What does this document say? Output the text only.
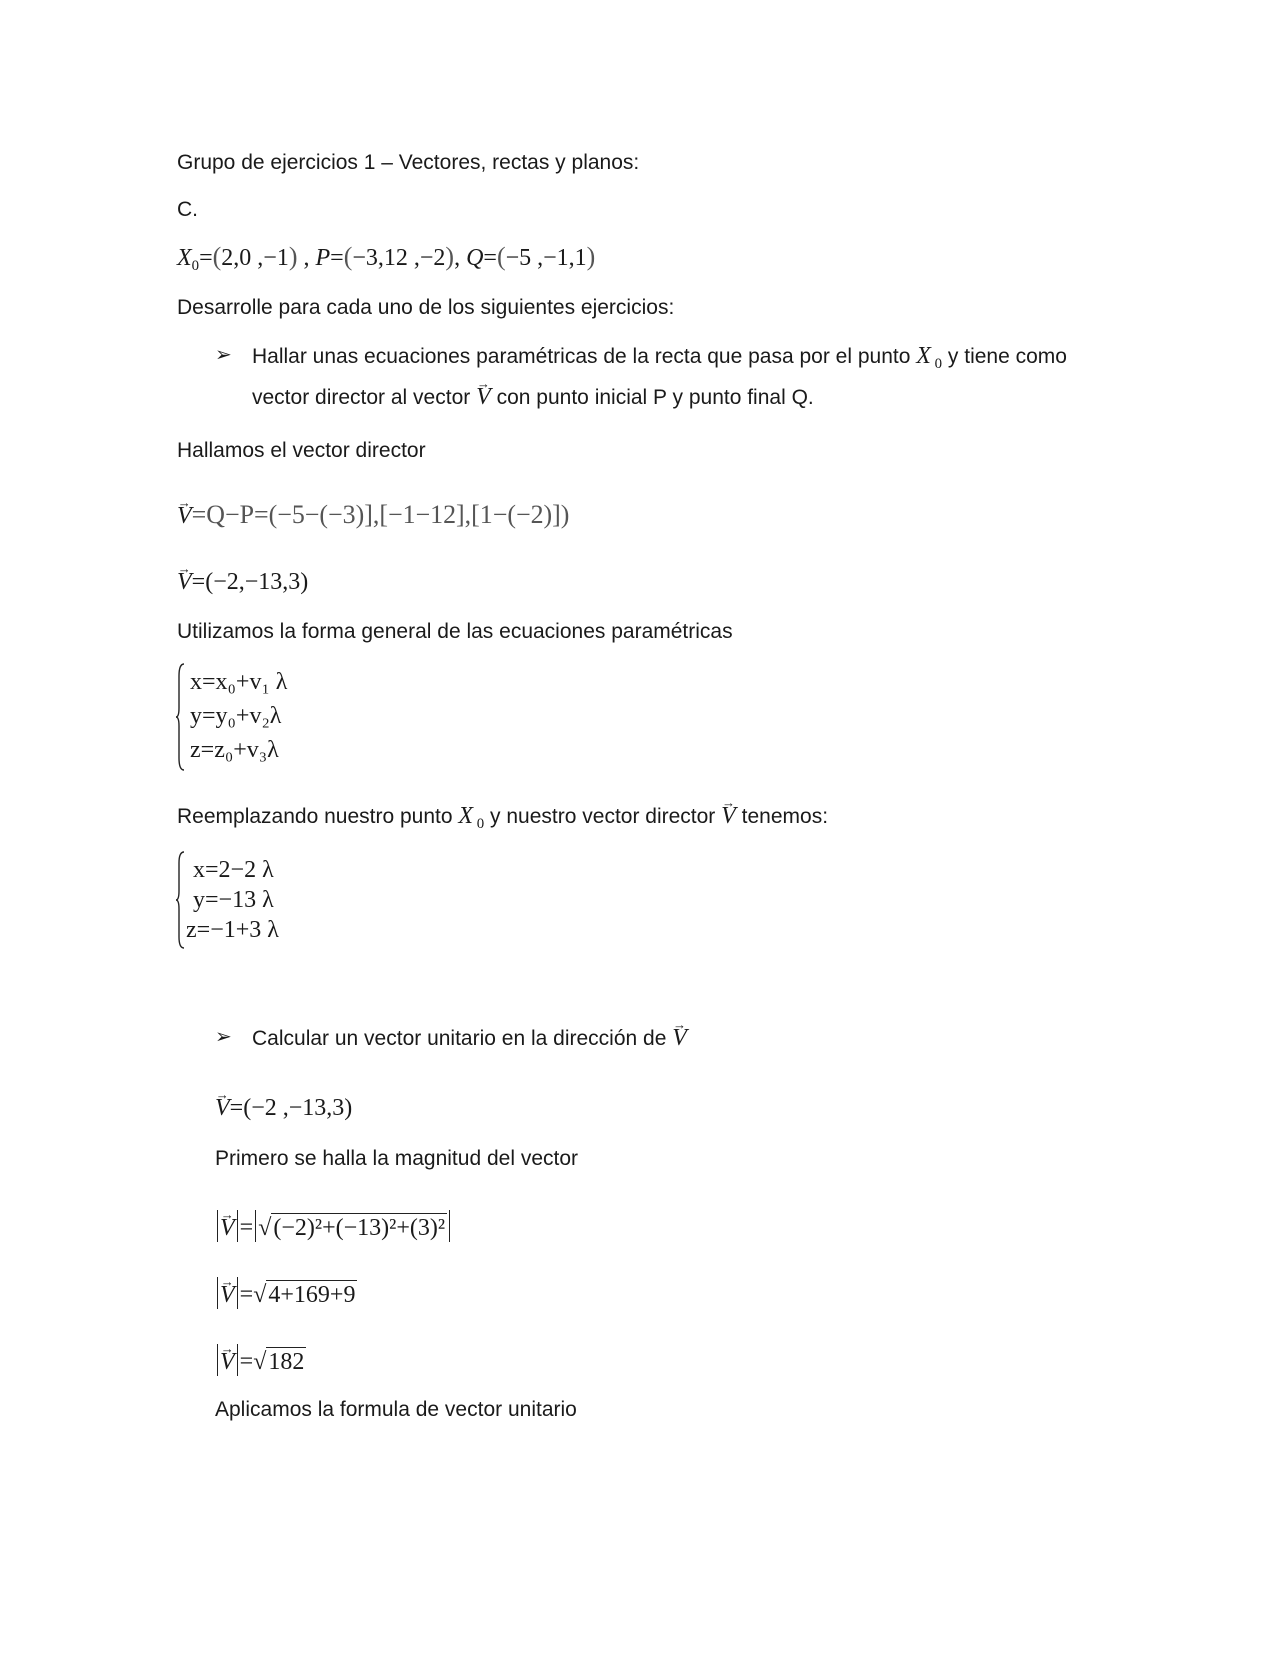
Grupo de ejercicios 1 – Vectores, rectas y planos:
C.
$X_0=(2,0$ ,−1) , P=(−3,12 ,−2), Q=(−5 ,−1,1)
Desarrolle para cada uno de los siguientes ejercicios:
➢ Hallar unas ecuaciones paramétricas de la recta que pasa por el punto X $_0$ y tiene como
vector director al vector → V con punto inicial P y punto final Q.
Hallamos el vector director
→ V=Q−P=(−5−(−3)],[−1−12],[1−(−2)])
→ V=(−2,−13,3)
Utilizamos la forma general de las ecuaciones paramétricas
x=x₀+v₁ λ
y=y₀+v₂λ
z=z₀+v₃λ
Reemplazando nuestro punto X $_0$ y nuestro vector director → V tenemos:
x=2−2 λ
y=−13 λ
z=−1+3 λ
➢ Calcular un vector unitario en la dirección de → V
→ V=(−2 ,−13,3)
Primero se halla la magnitud del vector
→ V = √(−2)²+(−13)²+(3)²
→ V =√4+169+9
→ V =√182
Aplicamos la formula de vector unitario
